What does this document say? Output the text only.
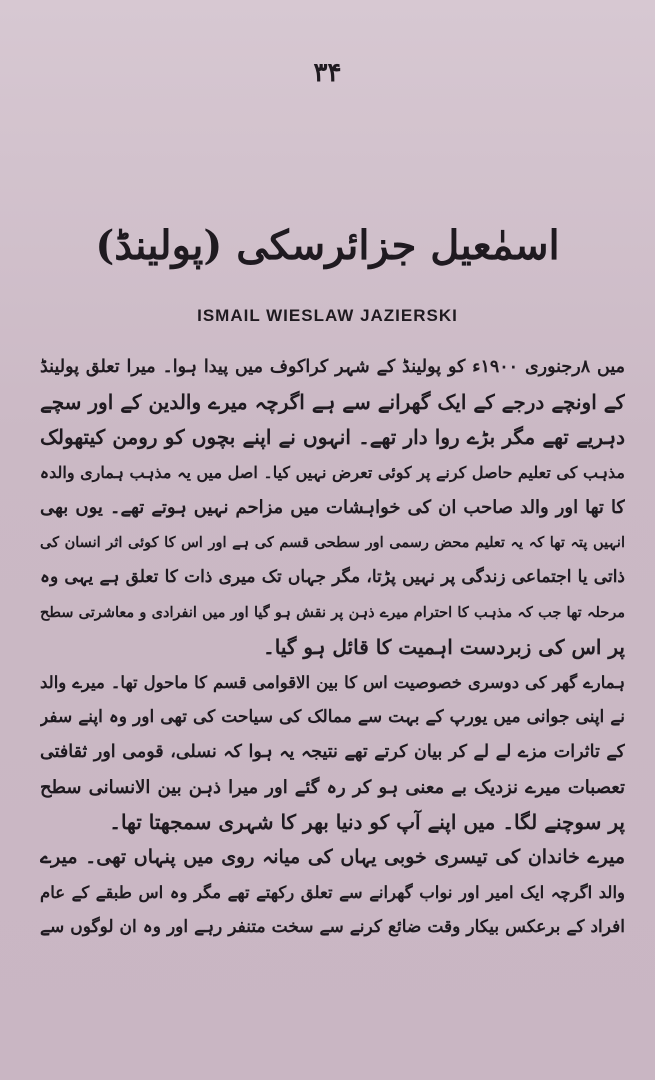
۳۴
اسمٰعیل جزائرسکی (پولینڈ)
ISMAIL WIESLAW JAZIERSKI
میں ۸رجنوری ۱۹۰۰ء کو پولینڈ کے شہر کراکوف میں پیدا ہوا۔ میرا تعلق پولینڈ
کے اونچے درجے کے ایک گھرانے سے ہے اگرچہ میرے والدین کے اور سچے
دہریے تھے مگر بڑے روا دار تھے۔ انہوں نے اپنے بچوں کو رومن کیتھولک
مذہب کی تعلیم حاصل کرنے پر کوئی تعرض نہیں کیا۔ اصل میں یہ مذہب ہماری والدہ
کا تھا اور والد صاحب ان کی خواہشات میں مزاحم نہیں ہوتے تھے۔ یوں بھی
انہیں پتہ تھا کہ یہ تعلیم محض رسمی اور سطحی قسم کی ہے اور اس کا کوئی اثر انسان کی
ذاتی یا اجتماعی زندگی پر نہیں پڑتا، مگر جہاں تک میری ذات کا تعلق ہے یہی وہ
مرحلہ تھا جب کہ مذہب کا احترام میرے ذہن پر نقش ہو گیا اور میں انفرادی و معاشرتی سطح
پر اس کی زبردست اہمیت کا قائل ہو گیا۔
ہمارے گھر کی دوسری خصوصیت اس کا بین الاقوامی قسم کا ماحول تھا۔ میرے والد
نے اپنی جوانی میں یورپ کے بہت سے ممالک کی سیاحت کی تھی اور وہ اپنے سفر
کے تاثرات مزے لے لے کر بیان کرتے تھے نتیجہ یہ ہوا کہ نسلی، قومی اور ثقافتی
تعصبات میرے نزدیک بے معنی ہو کر رہ گئے اور میرا ذہن بین الانسانی سطح
پر سوچنے لگا۔ میں اپنے آپ کو دنیا بھر کا شہری سمجھتا تھا۔
میرے خاندان کی تیسری خوبی یہاں کی میانہ روی میں پنہاں تھی۔ میرے
والد اگرچہ ایک امیر اور نواب گھرانے سے تعلق رکھتے تھے مگر وہ اس طبقے کے عام
افراد کے برعکس بیکار وقت ضائع کرنے سے سخت متنفر رہے اور وہ ان لوگوں سے
